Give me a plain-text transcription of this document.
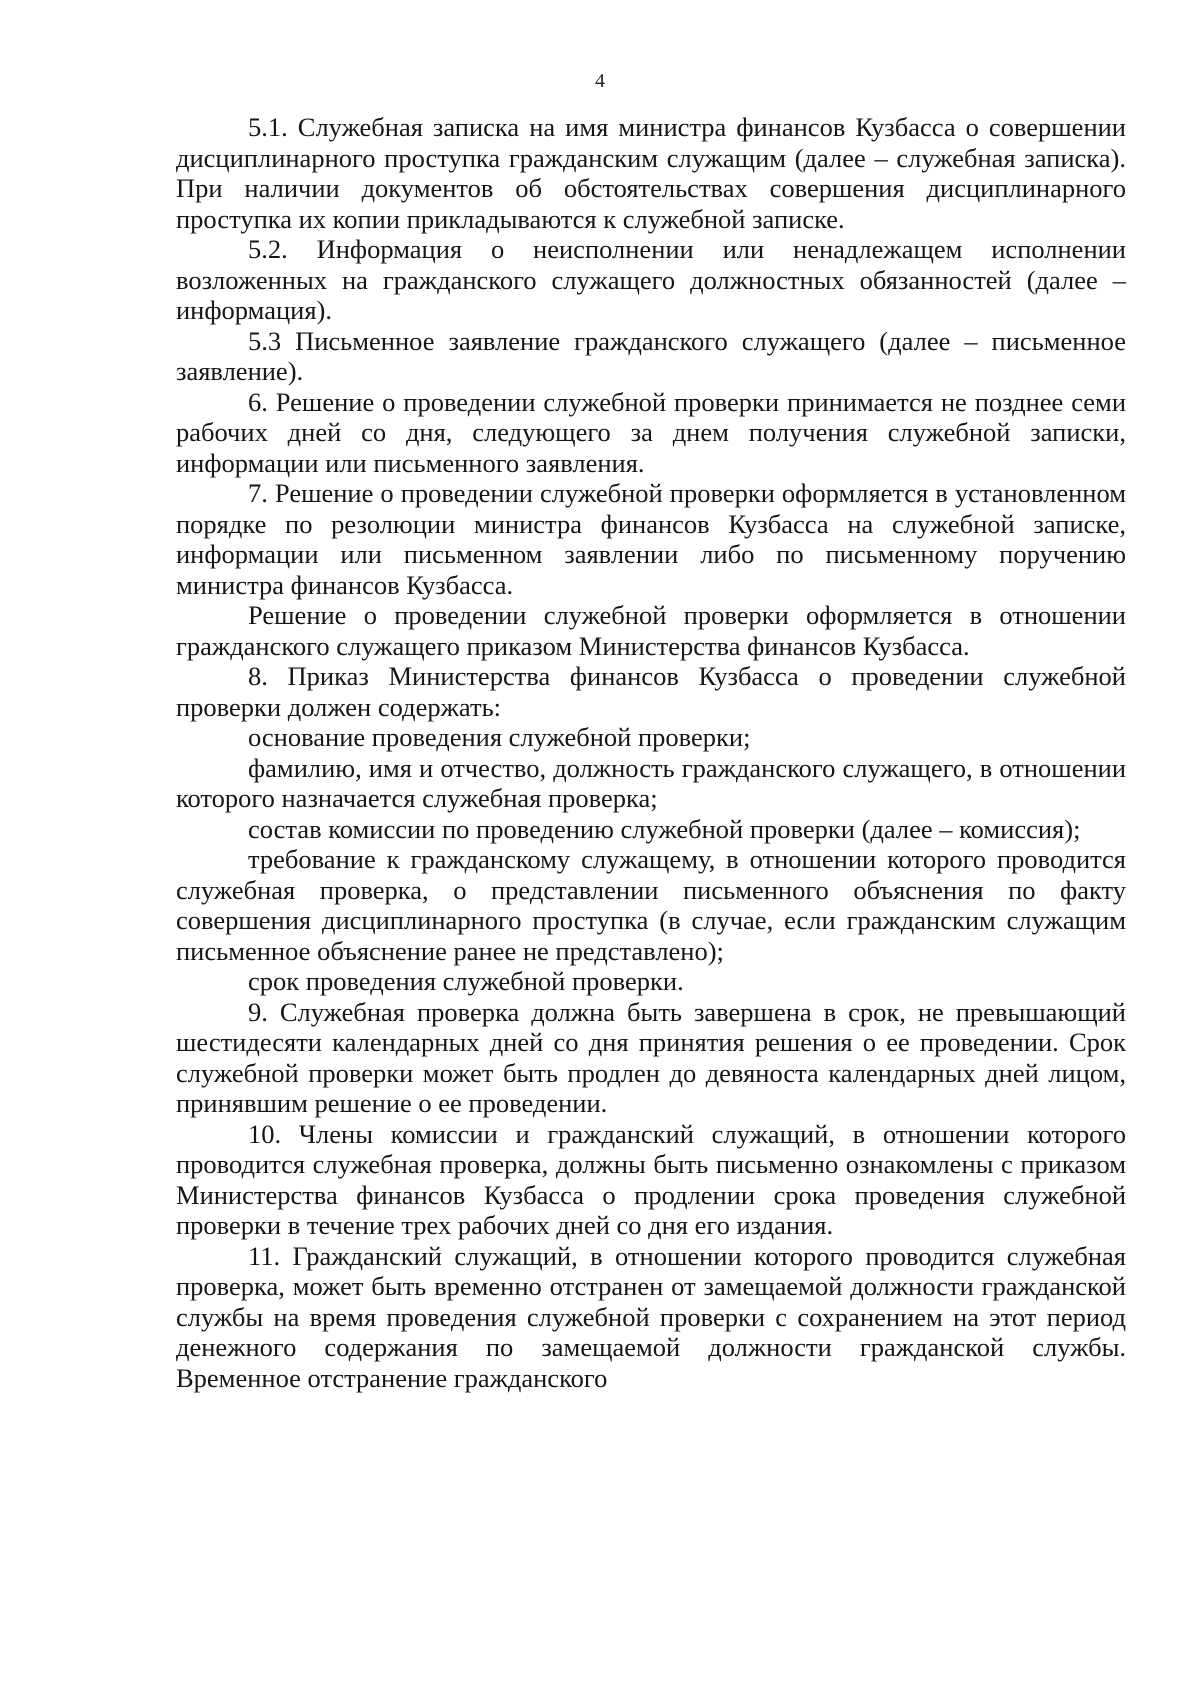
4

5.1. Служебная записка на имя министра финансов Кузбасса о совершении дисциплинарного проступка гражданским служащим (далее – служебная записка). При наличии документов об обстоятельствах совершения дисциплинарного проступка их копии прикладываются к служебной записке.

5.2. Информация о неисполнении или ненадлежащем исполнении возложенных на гражданского служащего должностных обязанностей (далее – информация).

5.3 Письменное заявление гражданского служащего (далее – письменное заявление).

6. Решение о проведении служебной проверки принимается не позднее семи рабочих дней со дня, следующего за днем получения служебной записки, информации или письменного заявления.

7. Решение о проведении служебной проверки оформляется в установленном порядке по резолюции министра финансов Кузбасса на служебной записке, информации или письменном заявлении либо по письменному поручению министра финансов Кузбасса.

Решение о проведении служебной проверки оформляется в отношении гражданского служащего приказом Министерства финансов Кузбасса.

8. Приказ Министерства финансов Кузбасса о проведении служебной проверки должен содержать:

основание проведения служебной проверки;

фамилию, имя и отчество, должность гражданского служащего, в отношении которого назначается служебная проверка;

состав комиссии по проведению служебной проверки (далее – комиссия);

требование к гражданскому служащему, в отношении которого проводится служебная проверка, о представлении письменного объяснения по факту совершения дисциплинарного проступка (в случае, если гражданским служащим письменное объяснение ранее не представлено);

срок проведения служебной проверки.

9. Служебная проверка должна быть завершена в срок, не превышающий шестидесяти календарных дней со дня принятия решения о ее проведении. Срок служебной проверки может быть продлен до девяноста календарных дней лицом, принявшим решение о ее проведении.

10. Члены комиссии и гражданский служащий, в отношении которого проводится служебная проверка, должны быть письменно ознакомлены с приказом Министерства финансов Кузбасса о продлении срока проведения служебной проверки в течение трех рабочих дней со дня его издания.

11. Гражданский служащий, в отношении которого проводится служебная проверка, может быть временно отстранен от замещаемой должности гражданской службы на время проведения служебной проверки с сохранением на этот период денежного содержания по замещаемой должности гражданской службы. Временное отстранение гражданского
